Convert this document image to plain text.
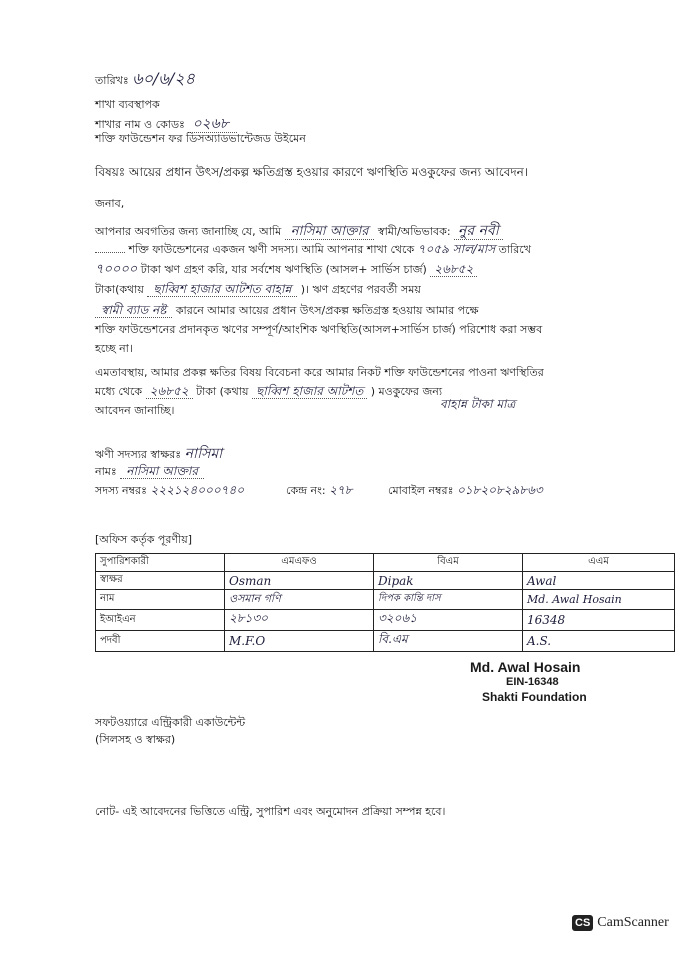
তারিখঃ ৬০/৬/২৪
শাখা ব্যবস্থাপক
শাখার নাম ও কোডঃ ০২৬৮
শক্তি ফাউন্ডেশন ফর ডিসঅ্যাডভান্টেজড উইমেন
বিষয়ঃ আয়ের প্রধান উৎস/প্রকল্প ক্ষতিগ্রস্ত হওয়ার কারণে ঋণস্থিতি মওকুফের জন্য আবেদন।
জনাব,
আপনার অবগতির জন্য জানাচ্ছি যে, আমি নাসিমা আক্তার স্বামী/অভিভাবক: নুর নবী
শক্তি ফাউন্ডেশনের একজন ঋণী সদস্য। আমি আপনার শাখা থেকে ৭০৫৯ সাল/মাস তারিখে
৭০০০০ টাকা ঋণ গ্রহণ করি, যার সর্বশেষ ঋণস্থিতি (আসল+ সার্ভিস চার্জ) ২৬৮৫২
টাকা(কথায় ছাব্বিশ হাজার আটশত বাহান্ন )। ঋণ গ্রহণের পরবর্তী সময়
স্বামী ব্যাড নষ্ট কারনে আমার আয়ের প্রধান উৎস/প্রকল্প ক্ষতিগ্রস্ত হওয়ায় আমার পক্ষে
শক্তি ফাউন্ডেশনের প্রদানকৃত ঋণের সম্পূর্ণ/আংশিক ঋণস্থিতি(আসল+সার্ভিস চার্জ) পরিশোধ করা সম্ভব
হচ্ছে না।
এমতাবস্থায়, আমার প্রকল্প ক্ষতির বিষয় বিবেচনা করে আমার নিকট শক্তি ফাউন্ডেশনের পাওনা ঋণস্থিতির
মধ্যে থেকে ২৬৮৫২ টাকা (কথায় ছাব্বিশ হাজার আটশত ) মওকুফের জন্য
বাহান্ন টাকা মাত্র
আবেদন জানাচ্ছি।
ঋণী সদস্যর স্বাক্ষরঃ নাসিমা
নামঃ নাসিমা আক্তার
সদস্য নম্বরঃ ২২২১২৪০০০৭৪০	কেন্দ্র নং: ২৭৮	মোবাইল নম্বরঃ ০১৮২০৮২৯৮৬৩
[অফিস কর্তৃক পূরণীয়]
সুপারিশকারী	এমএফও	বিএম	এএম
স্বাক্ষর	Osman	Dipak	Awal
নাম	ওসমান গণি	দিপক কান্তি দাস	Md. Awal Hosain
ইআইএন	২৮১৩০	৩২০৬১	16348
পদবী	M.F.O	বি.এম	A.S.
Md. Awal Hosain
EIN-16348
Shakti Foundation
সফটওয়্যারে এন্ট্রিকারী একাউন্টেন্ট
(সিলসহ ও স্বাক্ষর)
নোট- এই আবেদনের ভিত্তিতে এন্ট্রি, সুপারিশ এবং অনুমোদন প্রক্রিয়া সম্পন্ন হবে।
CS CamScanner
